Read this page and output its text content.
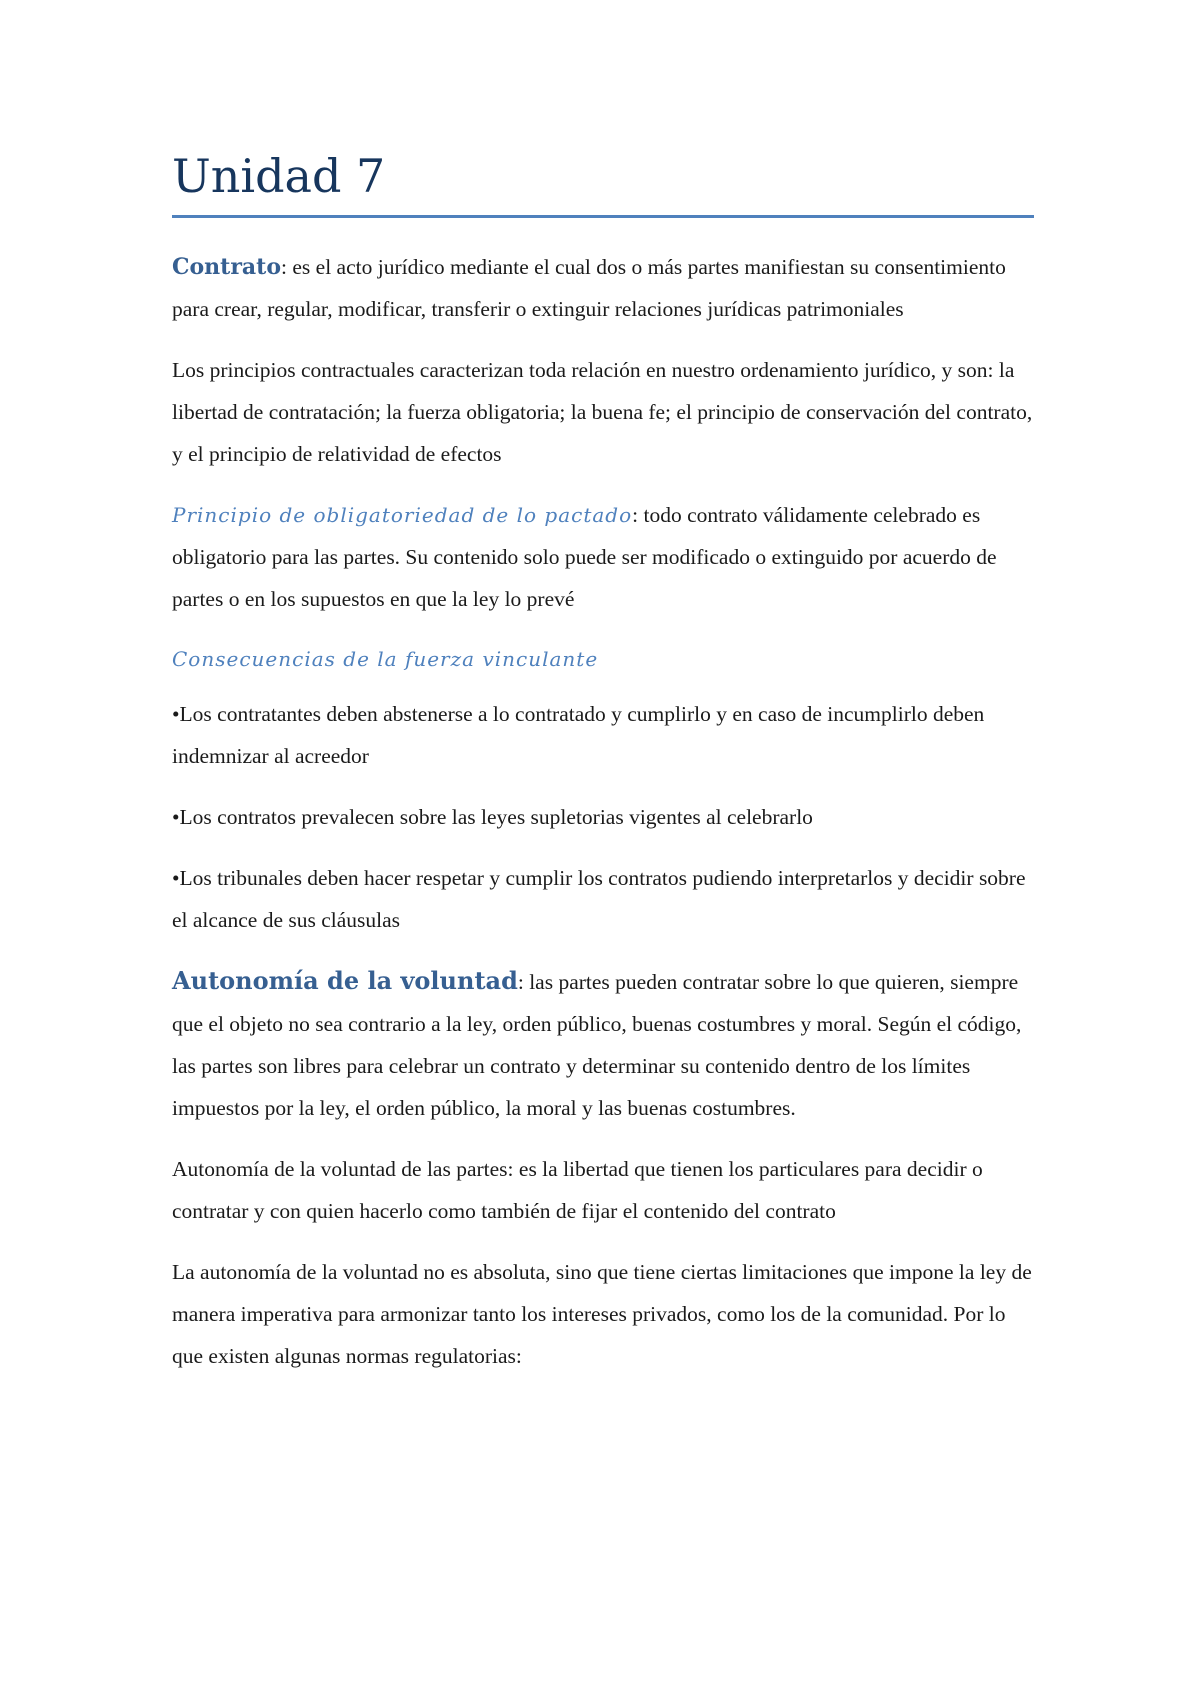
Unidad 7

Contrato: es el acto jurídico mediante el cual dos o más partes manifiestan su consentimiento para crear, regular, modificar, transferir o extinguir relaciones jurídicas patrimoniales

Los principios contractuales caracterizan toda relación en nuestro ordenamiento jurídico, y son: la libertad de contratación; la fuerza obligatoria; la buena fe; el principio de conservación del contrato, y el principio de relatividad de efectos

Principio de obligatoriedad de lo pactado: todo contrato válidamente celebrado es obligatorio para las partes. Su contenido solo puede ser modificado o extinguido por acuerdo de partes o en los supuestos en que la ley lo prevé

Consecuencias de la fuerza vinculante

•Los contratantes deben abstenerse a lo contratado y cumplirlo y en caso de incumplirlo deben indemnizar al acreedor

•Los contratos prevalecen sobre las leyes supletorias vigentes al celebrarlo

•Los tribunales deben hacer respetar y cumplir los contratos pudiendo interpretarlos y decidir sobre el alcance de sus cláusulas

Autonomía de la voluntad: las partes pueden contratar sobre lo que quieren, siempre que el objeto no sea contrario a la ley, orden público, buenas costumbres y moral. Según el código, las partes son libres para celebrar un contrato y determinar su contenido dentro de los límites impuestos por la ley, el orden público, la moral y las buenas costumbres.

Autonomía de la voluntad de las partes: es la libertad que tienen los particulares para decidir o contratar y con quien hacerlo como también de fijar el contenido del contrato

La autonomía de la voluntad no es absoluta, sino que tiene ciertas limitaciones que impone la ley de manera imperativa para armonizar tanto los intereses privados, como los de la comunidad. Por lo que existen algunas normas regulatorias:
